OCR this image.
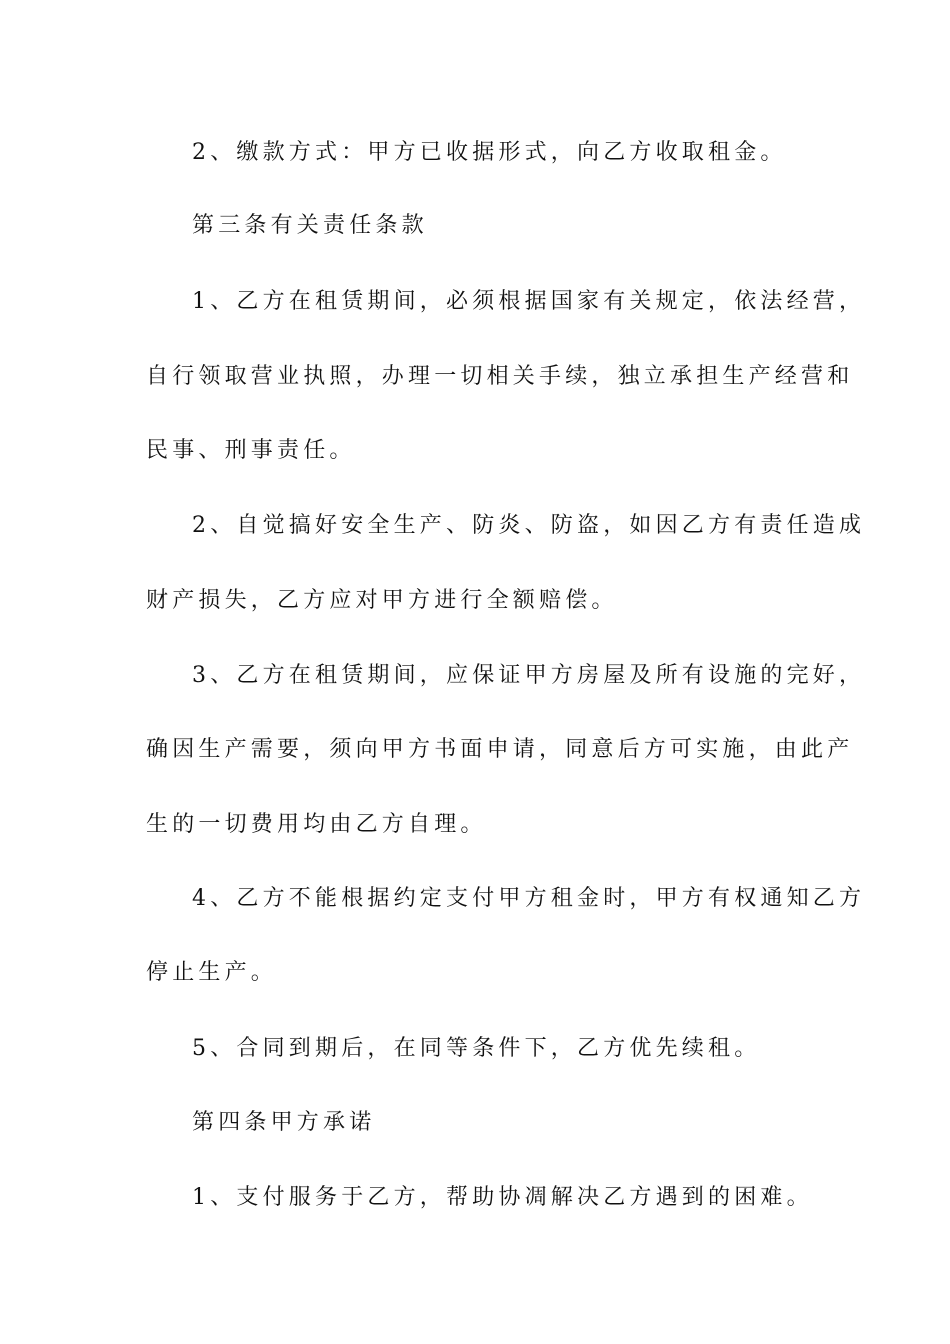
2、缴款方式：甲方已收据形式，向乙方收取租金。
第三条有关责任条款
1、乙方在租赁期间，必须根据国家有关规定，依法经营，
自行领取营业执照，办理一切相关手续，独立承担生产经营和
民事、刑事责任。
2、自觉搞好安全生产、防炎、防盗，如因乙方有责任造成
财产损失，乙方应对甲方进行全额赔偿。
3、乙方在租赁期间，应保证甲方房屋及所有设施的完好，
确因生产需要，须向甲方书面申请，同意后方可实施，由此产
生的一切费用均由乙方自理。
4、乙方不能根据约定支付甲方租金时，甲方有权通知乙方
停止生产。
5、合同到期后，在同等条件下，乙方优先续租。
第四条甲方承诺
1、支付服务于乙方，帮助协凋解决乙方遇到的困难。
